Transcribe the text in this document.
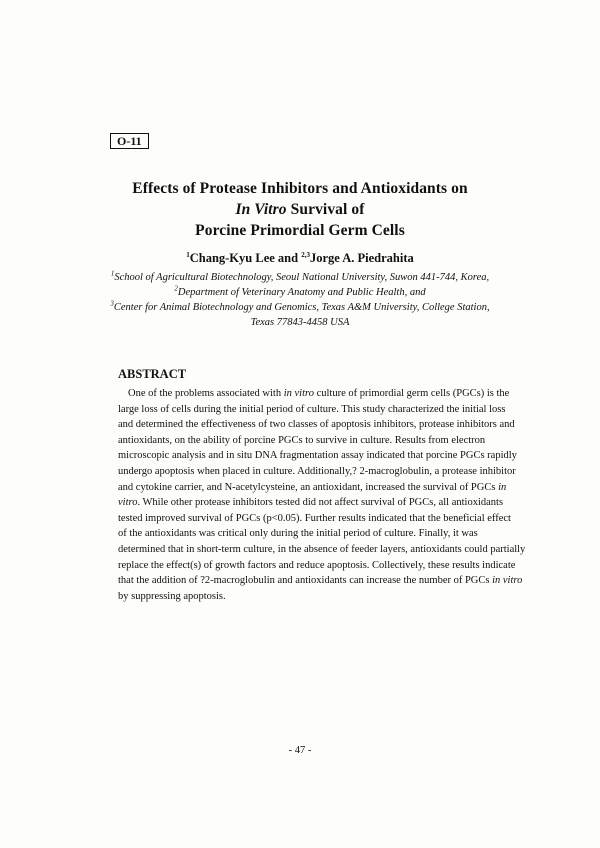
O-11
Effects of Protease Inhibitors and Antioxidants on
In Vitro Survival of
Porcine Primordial Germ Cells
$^1$Chang-Kyu Lee and $^{2,3}$Jorge A. Piedrahita
$^1$School of Agricultural Biotechnology, Seoul National University, Suwon 441-744, Korea,
$^2$Department of Veterinary Anatomy and Public Health, and
$^3$Center for Animal Biotechnology and Genomics, Texas A&M University, College Station,
Texas 77843-4458 USA
ABSTRACT
One of the problems associated with in vitro culture of primordial germ cells (PGCs) is the
large loss of cells during the initial period of culture. This study characterized the initial loss
and determined the effectiveness of two classes of apoptosis inhibitors, protease inhibitors and
antioxidants, on the ability of porcine PGCs to survive in culture. Results from electron
microscopic analysis and in situ DNA fragmentation assay indicated that porcine PGCs rapidly
undergo apoptosis when placed in culture. Additionally,? 2-macroglobulin, a protease inhibitor
and cytokine carrier, and N-acetylcysteine, an antioxidant, increased the survival of PGCs in
vitro. While other protease inhibitors tested did not affect survival of PGCs, all antioxidants
tested improved survival of PGCs (p<0.05). Further results indicated that the beneficial effect
of the antioxidants was critical only during the initial period of culture. Finally, it was
determined that in short-term culture, in the absence of feeder layers, antioxidants could partially
replace the effect(s) of growth factors and reduce apoptosis. Collectively, these results indicate
that the addition of ?2-macroglobulin and antioxidants can increase the number of PGCs in vitro
by suppressing apoptosis.
- 47 -
